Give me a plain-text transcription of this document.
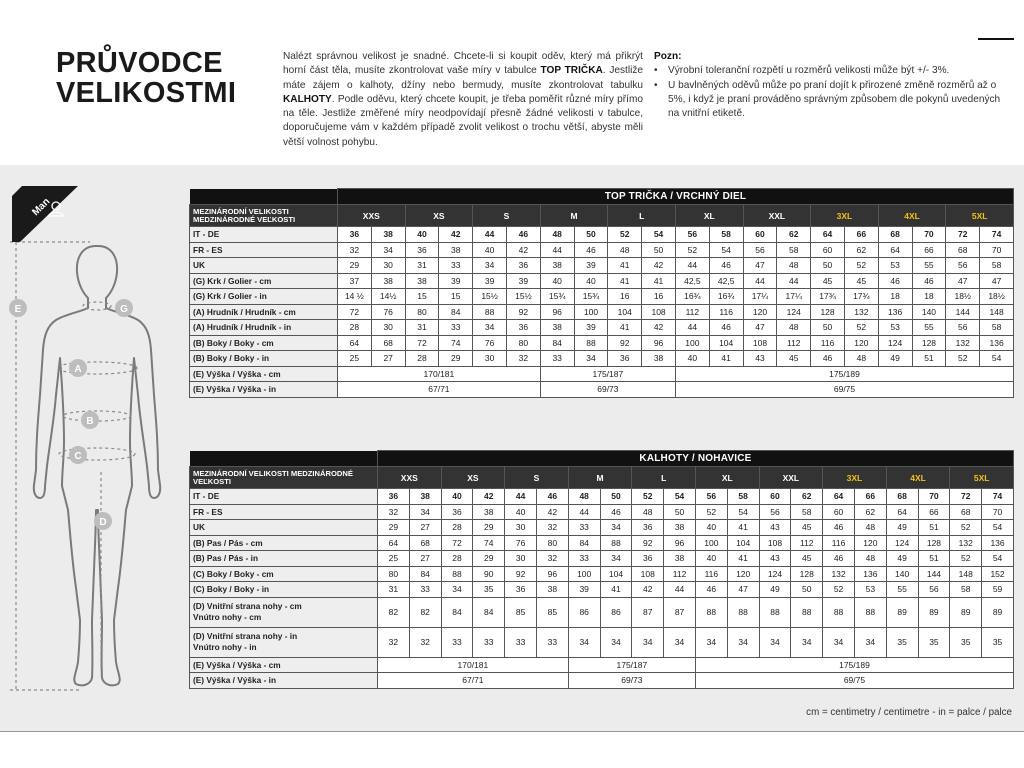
PRŮVODCE
VELIKOSTMI
Nalézt správnou velikost je snadné. Chcete-li si koupit oděv, který má přikrýt horní část těla, musíte zkontrolovat vaše míry v tabulce TOP TRIČKA. Jestliže máte zájem o kalhoty, džíny nebo bermudy, musíte zkontrolovat tabulku KALHOTY. Podle oděvu, který chcete koupit, je třeba poměřit různé míry přímo na těle. Jestliže změřené míry neodpovídají přesně žádné velikosti v tabulce, doporučujeme vám v každém případě zvolit velikost o trochu větší, abyste měli větší volnost pohybu.
Pozn:
• Výrobní toleranční rozpětí u rozměrů velikosti může být +/- 3%.
• U bavlněných oděvů může po praní dojít k přirozené změně rozměrů až o 5%, i když je praní prováděno správným způsobem dle pokynů uvedených na vnitřní etiketě.
E	G
A
B
C
D
Man
	TOP TRIČKA / VRCHNÝ DIEL																			
MEZINÁRODNÍ VELIKOSTI MEDZINÁRODNÉ VEĽKOSTI	XXS		XS		S		M		L		XL		XXL		3XL		4XL		5XL	
IT - DE	36	38	40	42	44	46	48	50	52	54	56	58	60	62	64	66	68	70	72	74
FR - ES	32	34	36	38	40	42	44	46	48	50	52	54	56	58	60	62	64	66	68	70
UK	29	30	31	33	34	36	38	39	41	42	44	46	47	48	50	52	53	55	56	58
(G) Krk / Golier - cm	37	38	38	39	39	39	40	40	41	41	42,5	42,5	44	44	45	45	46	46	47	47
(G) Krk / Golier - in	14 ½	14½	15	15	15½	15½	15¾	15¾	16	16	16¾	16¾	17¼	17¼	17¾	17¾	18	18	18½	18½
(A) Hrudník / Hrudník - cm	72	76	80	84	88	92	96	100	104	108	112	116	120	124	128	132	136	140	144	148
(A) Hrudník / Hrudník - in	28	30	31	33	34	36	38	39	41	42	44	46	47	48	50	52	53	55	56	58
(B) Boky / Boky - cm	64	68	72	74	76	80	84	88	92	96	100	104	108	112	116	120	124	128	132	136
(B) Boky / Boky - in	25	27	28	29	30	32	33	34	36	38	40	41	43	45	46	48	49	51	52	54
(E) Výška / Výška - cm	170/181						175/187				175/189									
(E) Výška / Výška - in	67/71						69/73				69/75									
	KALHOTY / NOHAVICE																			
MEZINÁRODNÍ VELIKOSTI MEDZINÁRODNÉ VEĽKOSTI	XXS		XS		S		M		L		XL		XXL		3XL		4XL		5XL	
IT - DE	36	38	40	42	44	46	48	50	52	54	56	58	60	62	64	66	68	70	72	74
FR - ES	32	34	36	38	40	42	44	46	48	50	52	54	56	58	60	62	64	66	68	70
UK	29	27	28	29	30	32	33	34	36	38	40	41	43	45	46	48	49	51	52	54
(B) Pas / Pás - cm	64	68	72	74	76	80	84	88	92	96	100	104	108	112	116	120	124	128	132	136
(B) Pas / Pás - in	25	27	28	29	30	32	33	34	36	38	40	41	43	45	46	48	49	51	52	54
(C) Boky / Boky - cm	80	84	88	90	92	96	100	104	108	112	116	120	124	128	132	136	140	144	148	152
(C) Boky / Boky - in	31	33	34	35	36	38	39	41	42	44	46	47	49	50	52	53	55	56	58	59
(D) Vnitřní strana nohy - cm
Vnútro nohy - cm	82	82	84	84	85	85	86	86	87	87	88	88	88	88	88	88	89	89	89	89
(D) Vnitřní strana nohy - in
Vnútro nohy - in	32	32	33	33	33	33	34	34	34	34	34	34	34	34	34	34	35	35	35	35
(E) Výška / Výška - cm	170/181						175/187				175/189									
(E) Výška / Výška - in	67/71						69/73				69/75									
cm = centimetry / centimetre - in = palce / palce
